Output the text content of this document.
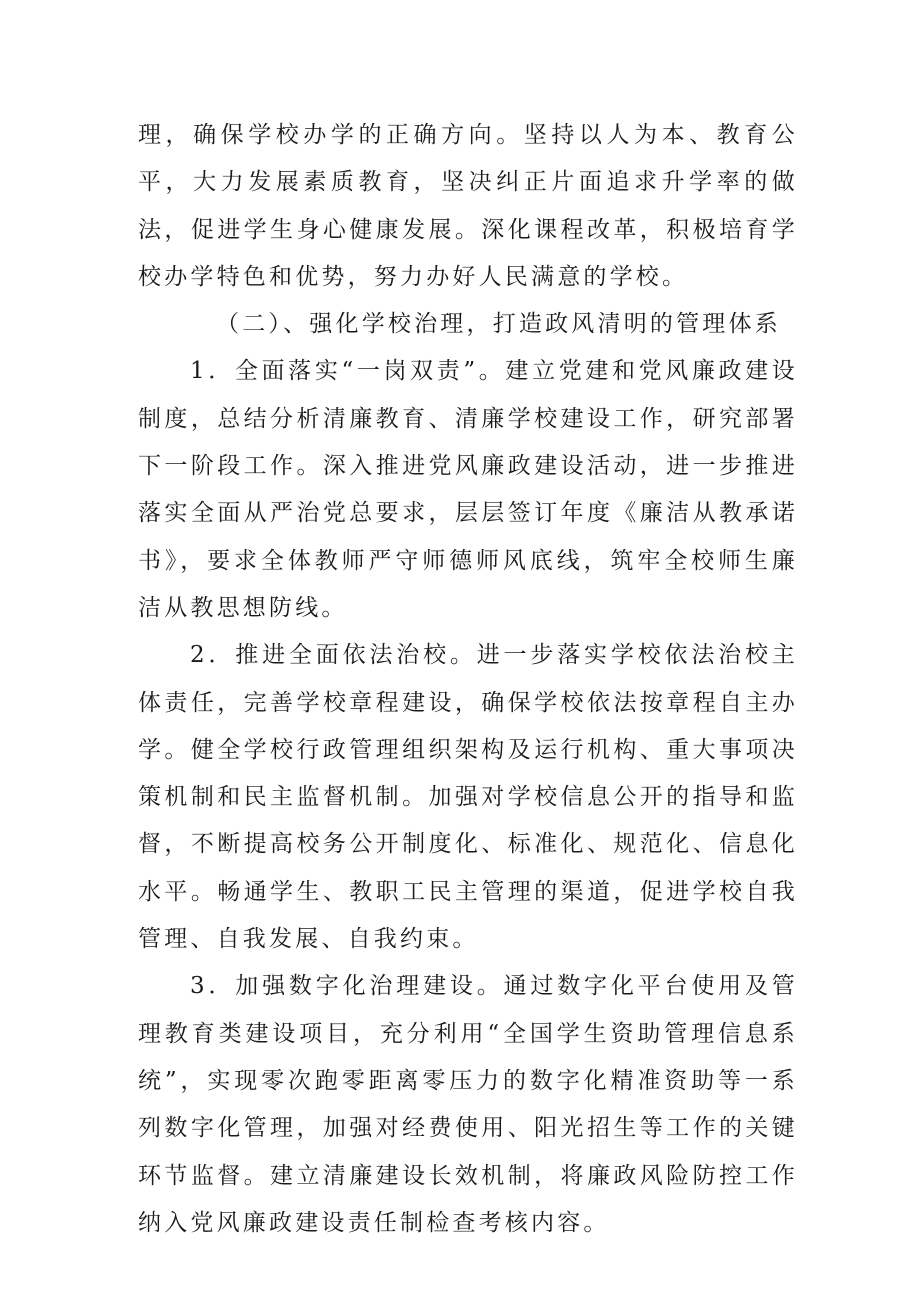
理，确保学校办学的正确方向。坚持以人为本、教育公平，大力发展素质教育，坚决纠正片面追求升学率的做法，促进学生身心健康发展。深化课程改革，积极培育学校办学特色和优势，努力办好人民满意的学校。

（二）、强化学校治理，打造政风清明的管理体系

1．全面落实“一岗双责”。建立党建和党风廉政建设制度，总结分析清廉教育、清廉学校建设工作，研究部署下一阶段工作。深入推进党风廉政建设活动，进一步推进落实全面从严治党总要求，层层签订年度《廉洁从教承诺书》，要求全体教师严守师德师风底线，筑牢全校师生廉洁从教思想防线。

2．推进全面依法治校。进一步落实学校依法治校主体责任，完善学校章程建设，确保学校依法按章程自主办学。健全学校行政管理组织架构及运行机构、重大事项决策机制和民主监督机制。加强对学校信息公开的指导和监督，不断提高校务公开制度化、标准化、规范化、信息化水平。畅通学生、教职工民主管理的渠道，促进学校自我管理、自我发展、自我约束。

3．加强数字化治理建设。通过数字化平台使用及管理教育类建设项目，充分利用“全国学生资助管理信息系统”，实现零次跑零距离零压力的数字化精准资助等一系列数字化管理，加强对经费使用、阳光招生等工作的关键环节监督。建立清廉建设长效机制，将廉政风险防控工作纳入党风廉政建设责任制检查考核内容。
